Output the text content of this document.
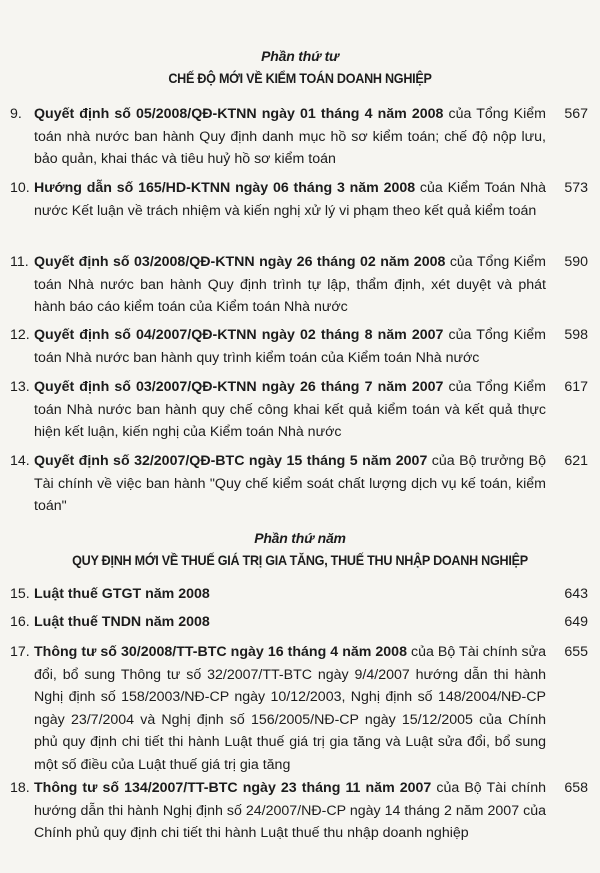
Phần thứ tư
CHẾ ĐỘ MỚI VỀ KIỂM TOÁN DOANH NGHIỆP
9. Quyết định số 05/2008/QĐ-KTNN ngày 01 tháng 4 năm 2008 của Tổng Kiểm toán nhà nước ban hành Quy định danh mục hồ sơ kiểm toán; chế độ nộp lưu, bảo quản, khai thác và tiêu huỷ hồ sơ kiểm toán
567
10. Hướng dẫn số 165/HD-KTNN ngày 06 tháng 3 năm 2008 của Kiểm Toán Nhà nước Kết luận về trách nhiệm và kiến nghị xử lý vi phạm theo kết quả kiểm toán
573
11. Quyết định số 03/2008/QĐ-KTNN ngày 26 tháng 02 năm 2008 của Tổng Kiểm toán Nhà nước ban hành Quy định trình tự lập, thẩm định, xét duyệt và phát hành báo cáo kiểm toán của Kiểm toán Nhà nước
590
12. Quyết định số 04/2007/QĐ-KTNN ngày 02 tháng 8 năm 2007 của Tổng Kiểm toán Nhà nước ban hành quy trình kiểm toán của Kiểm toán Nhà nước
598
13. Quyết định số 03/2007/QĐ-KTNN ngày 26 tháng 7 năm 2007 của Tổng Kiểm toán Nhà nước ban hành quy chế công khai kết quả kiểm toán và kết quả thực hiện kết luận, kiến nghị của Kiểm toán Nhà nước
617
14. Quyết định số 32/2007/QĐ-BTC ngày 15 tháng 5 năm 2007 của Bộ trưởng Bộ Tài chính về việc ban hành "Quy chế kiểm soát chất lượng dịch vụ kế toán, kiểm toán"
621
Phần thứ năm
QUY ĐỊNH MỚI VỀ THUẾ GIÁ TRỊ GIA TĂNG, THUẾ THU NHẬP DOANH NGHIỆP
15. Luật thuế GTGT năm 2008	643
16. Luật thuế TNDN năm 2008	649
17. Thông tư số 30/2008/TT-BTC ngày 16 tháng 4 năm 2008 của Bộ Tài chính sửa đổi, bổ sung Thông tư số 32/2007/TT-BTC ngày 9/4/2007 hướng dẫn thi hành Nghị định số 158/2003/NĐ-CP ngày 10/12/2003, Nghị định số 148/2004/NĐ-CP ngày 23/7/2004 và Nghị định số 156/2005/NĐ-CP ngày 15/12/2005 của Chính phủ quy định chi tiết thi hành Luật thuế giá trị gia tăng và Luật sửa đổi, bổ sung một số điều của Luật thuế giá trị gia tăng
655
18. Thông tư số 134/2007/TT-BTC ngày 23 tháng 11 năm 2007 của Bộ Tài chính hướng dẫn thi hành Nghị định số 24/2007/NĐ-CP ngày 14 tháng 2 năm 2007 của Chính phủ quy định chi tiết thi hành Luật thuế thu nhập doanh nghiệp
658
